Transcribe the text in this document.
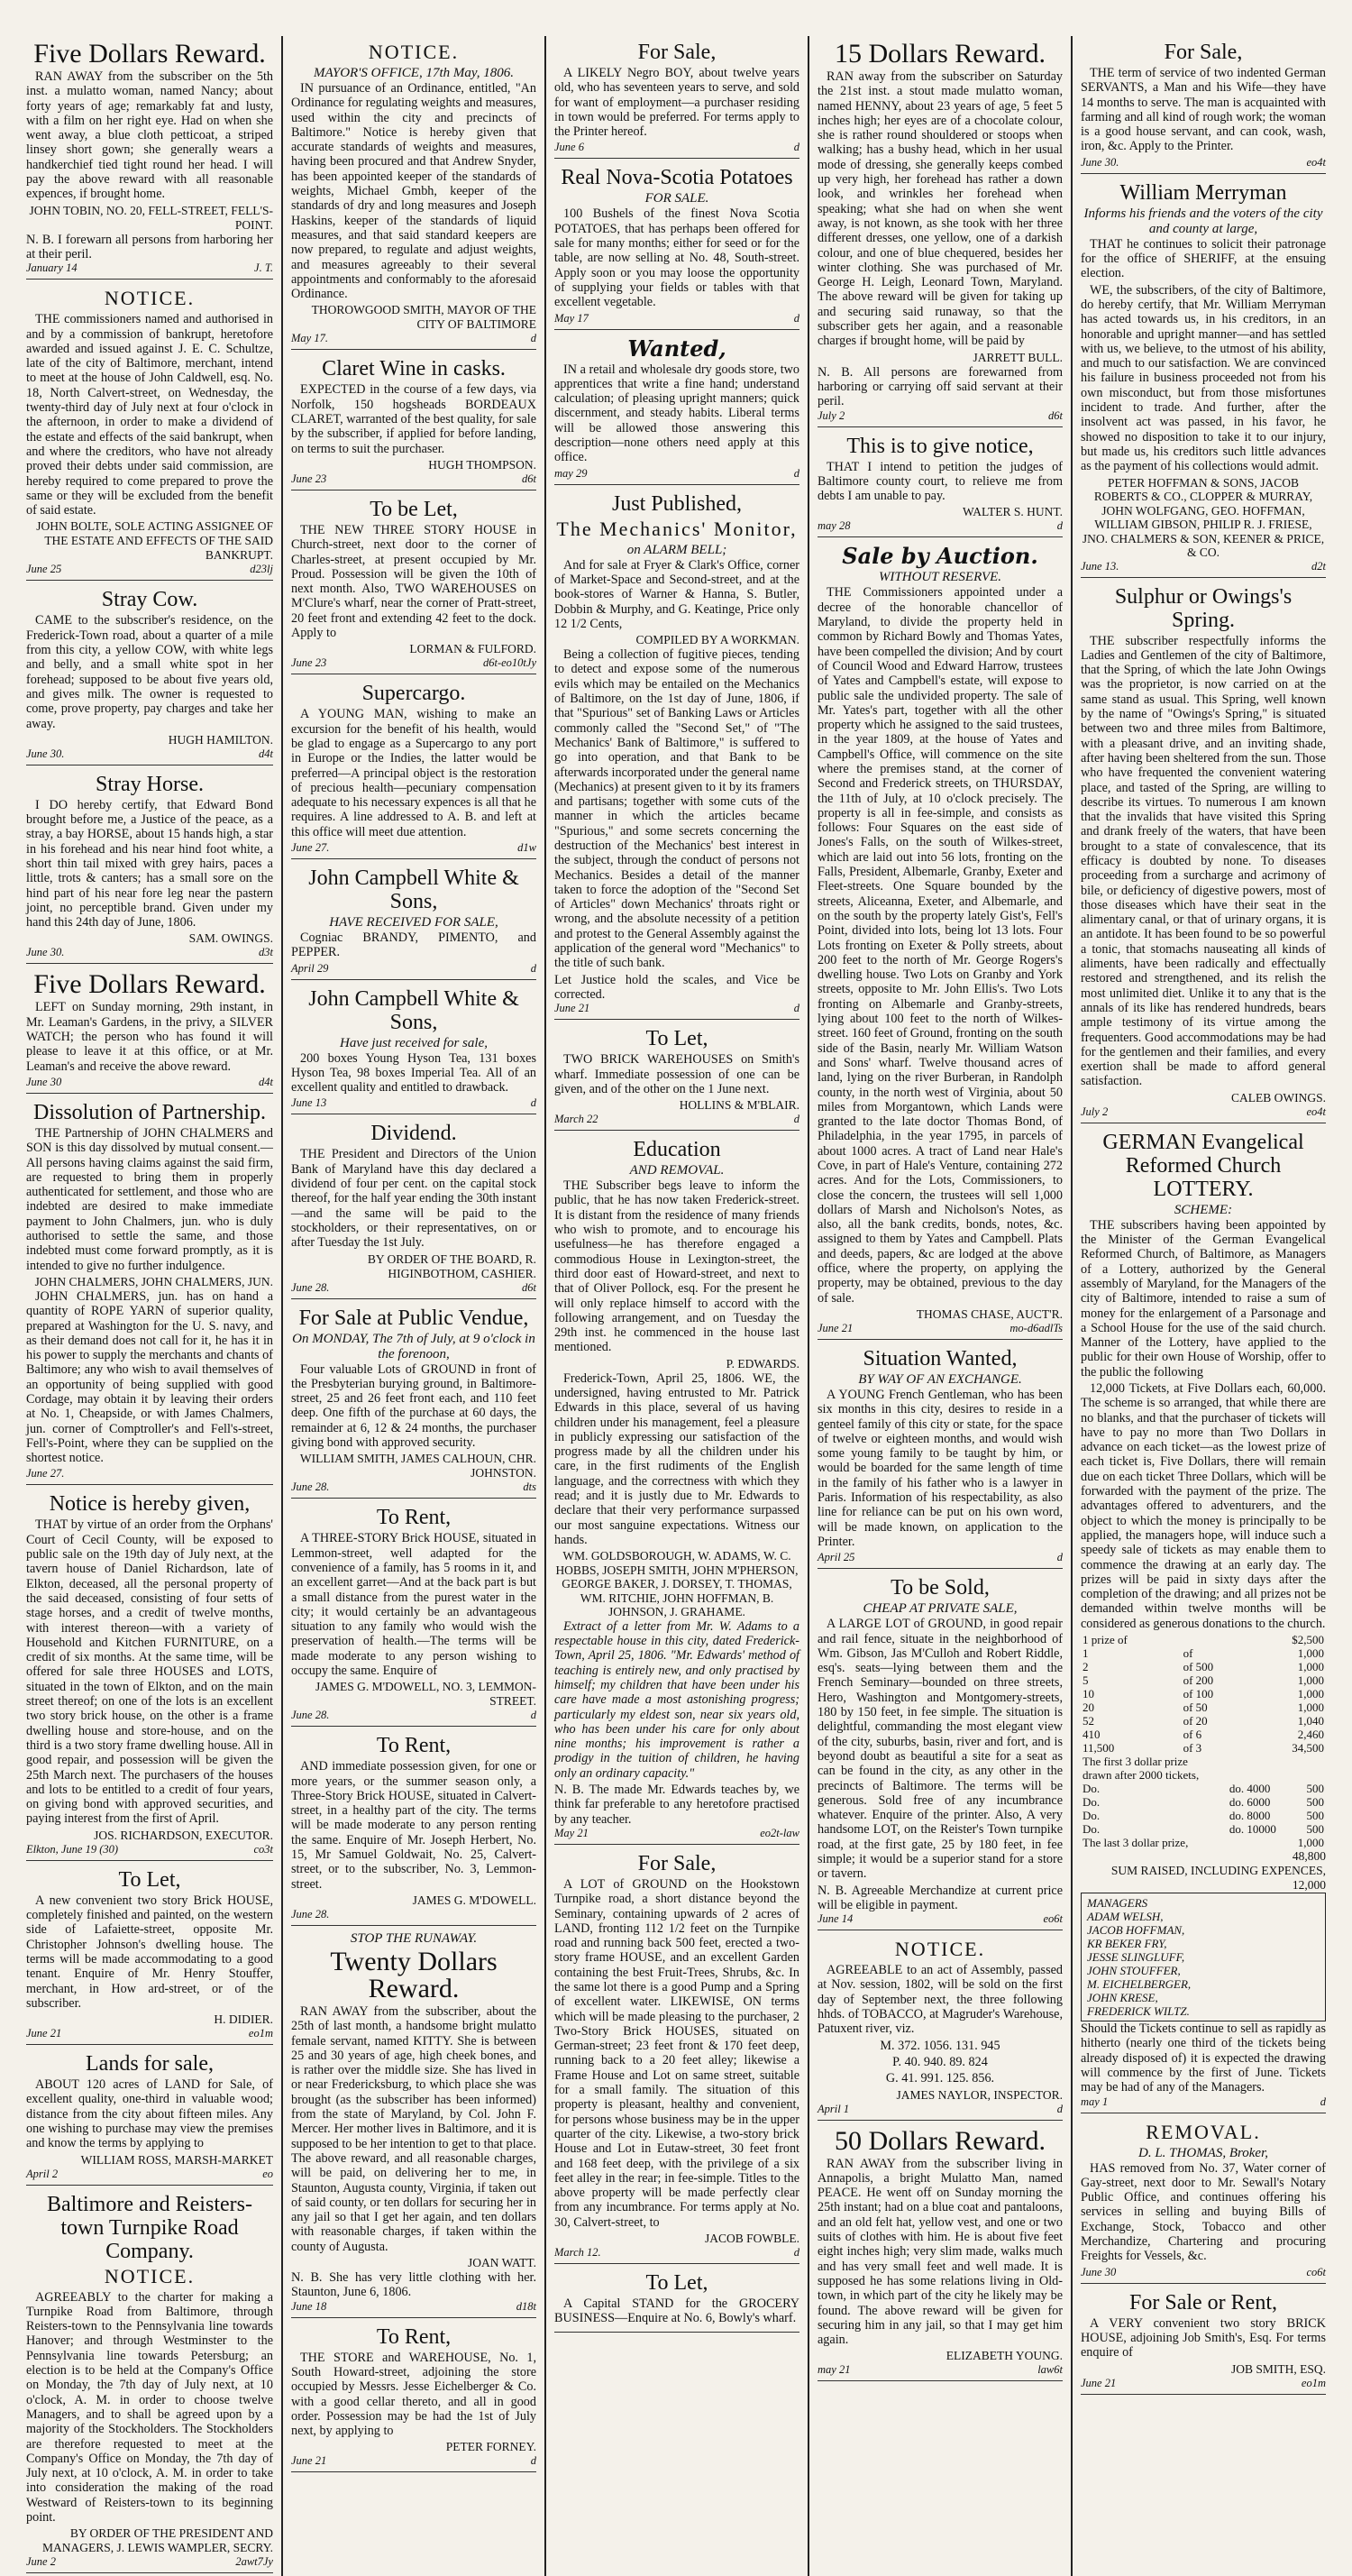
Five Dollars Reward.

RAN AWAY from the subscriber on the 5th inst. a mulatto woman, named Nancy; about forty years of age; remarkably fat and lusty, with a film on her right eye. Had on when she went away, a blue cloth petticoat, a striped linsey short gown; she generally wears a handkerchief tied tight round her head. I will pay the above reward with all reasonable expences, if brought home.

JOHN TOBIN, NO. 20, FELL-STREET, FELL'S-POINT.
N. B. I forewarn all persons from harboring her at their peril.
January 14	J. T.
NOTICE.

THE commissioners named and authorised in and by a commission of bankrupt, heretofore awarded and issued against J. E. C. Schultze, late of the city of Baltimore, merchant, intend to meet at the house of John Caldwell, esq. No. 18, North Calvert-street, on Wednesday, the twenty-third day of July next at four o'clock in the afternoon, in order to make a dividend of the estate and effects of the said bankrupt, when and where the creditors, who have not already proved their debts under said commission, are hereby required to come prepared to prove the same or they will be excluded from the benefit of said estate.

JOHN BOLTE, SOLE ACTING ASSIGNEE OF THE ESTATE AND EFFECTS OF THE SAID BANKRUPT.
June 25	d23lj
Stray Cow.

CAME to the subscriber's residence, on the Frederick-Town road, about a quarter of a mile from this city, a yellow COW, with white legs and belly, and a small white spot in her forehead; supposed to be about five years old, and gives milk. The owner is requested to come, prove property, pay charges and take her away.

HUGH HAMILTON.
June 30.	d4t
Stray Horse.

I DO hereby certify, that Edward Bond brought before me, a Justice of the peace, as a stray, a bay HORSE, about 15 hands high, a star in his forehead and his near hind foot white, a short thin tail mixed with grey hairs, paces a little, trots & canters; has a small sore on the hind part of his near fore leg near the pastern joint, no perceptible brand. Given under my hand this 24th day of June, 1806.

SAM. OWINGS.
June 30.	d3t
Five Dollars Reward.

LEFT on Sunday morning, 29th instant, in Mr. Leaman's Gardens, in the privy, a SILVER WATCH; the person who has found it will please to leave it at this office, or at Mr. Leaman's and receive the above reward.

June 30	d4t
Dissolution of Partnership.

THE Partnership of JOHN CHALMERS and SON is this day dissolved by mutual consent.—All persons having claims against the said firm, are requested to bring them in properly authenticated for settlement, and those who are indebted are desired to make immediate payment to John Chalmers, jun. who is duly authorised to settle the same, and those indebted must come forward promptly, as it is intended to give no further indulgence.

JOHN CHALMERS, JOHN CHALMERS, JUN.

JOHN CHALMERS, jun. has on hand a quantity of ROPE YARN of superior quality, prepared at Washington for the U. S. navy, and as their demand does not call for it, he has it in his power to supply the merchants and chants of Baltimore; any who wish to avail themselves of an opportunity of being supplied with good Cordage, may obtain it by leaving their orders at No. 1, Cheapside, or with James Chalmers, jun. corner of Comptroller's and Fell's-street, Fell's-Point, where they can be supplied on the shortest notice.

June 27.
Notice is hereby given,

THAT by virtue of an order from the Orphans' Court of Cecil County, will be exposed to public sale on the 19th day of July next, at the tavern house of Daniel Richardson, late of Elkton, deceased, all the personal property of the said deceased, consisting of four setts of stage horses, and a credit of twelve months, with interest thereon—with a variety of Household and Kitchen FURNITURE, on a credit of six months. At the same time, will be offered for sale three HOUSES and LOTS, situated in the town of Elkton, and on the main street thereof; on one of the lots is an excellent two story brick house, on the other is a frame dwelling house and store-house, and on the third is a two story frame dwelling house. All in good repair, and possession will be given the 25th March next. The purchasers of the houses and lots to be entitled to a credit of four years, on giving bond with approved securities, and paying interest from the first of April.

JOS. RICHARDSON, EXECUTOR.
Elkton, June 19 (30)	co3t
To Let,

A new convenient two story Brick HOUSE, completely finished and painted, on the western side of Lafaiette-street, opposite Mr. Christopher Johnson's dwelling house. The terms will be made accommodating to a good tenant. Enquire of Mr. Henry Stouffer, merchant, in How ard-street, or of the subscriber.

H. DIDIER.
June 21	eo1m
Lands for sale,

ABOUT 120 acres of LAND for Sale, of excellent quality, one-third in valuable wood; distance from the city about fifteen miles. Any one wishing to purchase may view the premises and know the terms by applying to

WILLIAM ROSS, MARSH-MARKET
April 2	eo
Baltimore and Reisters-town Turnpike Road Company.
NOTICE.

AGREEABLY to the charter for making a Turnpike Road from Baltimore, through Reisters-town to the Pennsylvania line towards Hanover; and through Westminster to the Pennsylvania line towards Petersburg; an election is to be held at the Company's Office on Monday, the 7th day of July next, at 10 o'clock, A. M. in order to choose twelve Managers, and to shall be agreed upon by a majority of the Stockholders. The Stockholders are therefore requested to meet at the Company's Office on Monday, the 7th day of July next, at 10 o'clock, A. M. in order to take into consideration the making of the road Westward of Reisters-town to its beginning point.

BY ORDER OF THE PRESIDENT AND MANAGERS, J. LEWIS WAMPLER, SECRY.
June 2	2awt7Jy
NOTICE.
MAYOR'S OFFICE, 17th May, 1806.

IN pursuance of an Ordinance, entitled, "An Ordinance for regulating weights and measures, used within the city and precincts of Baltimore." Notice is hereby given that accurate standards of weights and measures, having been procured and that Andrew Snyder, has been appointed keeper of the standards of weights, Michael Gmbh, keeper of the standards of dry and long measures and Joseph Haskins, keeper of the standards of liquid measures, and that said standard keepers are now prepared, to regulate and adjust weights, and measures agreeably to their several appointments and conformably to the aforesaid Ordinance.

THOROWGOOD SMITH, MAYOR OF THE CITY OF BALTIMORE
May 17.	d
Claret Wine in casks.

EXPECTED in the course of a few days, via Norfolk, 150 hogsheads BORDEAUX CLARET, warranted of the best quality, for sale by the subscriber, if applied for before landing, on terms to suit the purchaser.

HUGH THOMPSON.
June 23	d6t
To be Let,

THE NEW THREE STORY HOUSE in Church-street, next door to the corner of Charles-street, at present occupied by Mr. Proud. Possession will be given the 10th of next month. Also, TWO WAREHOUSES on M'Clure's wharf, near the corner of Pratt-street, 20 feet front and extending 42 feet to the dock. Apply to

LORMAN & FULFORD.
June 23	d6t-eo10tJy
Supercargo.

A YOUNG MAN, wishing to make an excursion for the benefit of his health, would be glad to engage as a Supercargo to any port in Europe or the Indies, the latter would be preferred—A principal object is the restoration of precious health—pecuniary compensation adequate to his necessary expences is all that he requires. A line addressed to A. B. and left at this office will meet due attention.

June 27.	d1w
John Campbell White & Sons,
HAVE RECEIVED FOR SALE,

Cogniac BRANDY, PIMENTO, and PEPPER.

April 29	d
John Campbell White & Sons,
Have just received for sale,

200 boxes Young Hyson Tea, 131 boxes Hyson Tea, 98 boxes Imperial Tea. All of an excellent quality and entitled to drawback.

June 13	d
Dividend.

THE President and Directors of the Union Bank of Maryland have this day declared a dividend of four per cent. on the capital stock thereof, for the half year ending the 30th instant—and the same will be paid to the stockholders, or their representatives, on or after Tuesday the 1st July.

BY ORDER OF THE BOARD, R. HIGINBOTHOM, CASHIER.
June 28.	d6t
For Sale at Public Vendue,
On MONDAY, The 7th of July, at 9 o'clock in the forenoon,

Four valuable Lots of GROUND in front of the Presbyterian burying ground, in Baltimore-street, 25 and 26 feet front each, and 110 feet deep. One fifth of the purchase at 60 days, the remainder at 6, 12 & 24 months, the purchaser giving bond with approved security.

WILLIAM SMITH, JAMES CALHOUN, CHR. JOHNSTON.
June 28.	dts
To Rent,

A THREE-STORY Brick HOUSE, situated in Lemmon-street, well adapted for the convenience of a family, has 5 rooms in it, and an excellent garret—And at the back part is but a small distance from the purest water in the city; it would certainly be an advantageous situation to any family who would wish the preservation of health.—The terms will be made moderate to any person wishing to occupy the same. Enquire of

JAMES G. M'DOWELL, NO. 3, LEMMON-STREET.
June 28.	d
To Rent,

AND immediate possession given, for one or more years, or the summer season only, a Three-Story Brick HOUSE, situated in Calvert-street, in a healthy part of the city. The terms will be made moderate to any person renting the same. Enquire of Mr. Joseph Herbert, No. 15, Mr Samuel Goldwait, No. 25, Calvert-street, or to the subscriber, No. 3, Lemmon-street.

JAMES G. M'DOWELL.
June 28.
STOP THE RUNAWAY.
Twenty Dollars Reward.

RAN AWAY from the subscriber, about the 25th of last month, a handsome bright mulatto female servant, named KITTY. She is between 25 and 30 years of age, high cheek bones, and is rather over the middle size. She has lived in or near Fredericksburg, to which place she was brought (as the subscriber has been informed) from the state of Maryland, by Col. John F. Mercer. Her mother lives in Baltimore, and it is supposed to be her intention to get to that place. The above reward, and all reasonable charges, will be paid, on delivering her to me, in Staunton, Augusta county, Virginia, if taken out of said county, or ten dollars for securing her in any jail so that I get her again, and ten dollars with reasonable charges, if taken within the county of Augusta.

JOAN WATT.
N. B. She has very little clothing with her. Staunton, June 6, 1806.
June 18	d18t
To Rent,

THE STORE and WAREHOUSE, No. 1, South Howard-street, adjoining the store occupied by Messrs. Jesse Eichelberger & Co. with a good cellar thereto, and all in good order. Possession may be had the 1st of July next, by applying to

PETER FORNEY.
June 21	d
For Sale,

A LIKELY Negro BOY, about twelve years old, who has seventeen years to serve, and sold for want of employment—a purchaser residing in town would be preferred. For terms apply to the Printer hereof.

June 6	d
Real Nova-Scotia Potatoes
FOR SALE.

100 Bushels of the finest Nova Scotia POTATOES, that has perhaps been offered for sale for many months; either for seed or for the table, are now selling at No. 48, South-street. Apply soon or you may loose the opportunity of supplying your fields or tables with that excellent vegetable.

May 17	d
Wanted,

IN a retail and wholesale dry goods store, two apprentices that write a fine hand; understand calculation; of pleasing upright manners; quick discernment, and steady habits. Liberal terms will be allowed those answering this description—none others need apply at this office.

may 29	d
Just Published,
The Mechanics' Monitor,
on ALARM BELL;

And for sale at Fryer & Clark's Office, corner of Market-Space and Second-street, and at the book-stores of Warner & Hanna, S. Butler, Dobbin & Murphy, and G. Keatinge, Price only 12 1/2 Cents,

COMPILED BY A WORKMAN.

Being a collection of fugitive pieces, tending to detect and expose some of the numerous evils which may be entailed on the Mechanics of Baltimore, on the 1st day of June, 1806, if that "Spurious" set of Banking Laws or Articles commonly called the "Second Set," of "The Mechanics' Bank of Baltimore," is suffered to go into operation, and that Bank to be afterwards incorporated under the general name (Mechanics) at present given to it by its framers and partisans; together with some cuts of the manner in which the articles became "Spurious," and some secrets concerning the destruction of the Mechanics' best interest in the subject, through the conduct of persons not Mechanics. Besides a detail of the manner taken to force the adoption of the "Second Set of Articles" down Mechanics' throats right or wrong, and the absolute necessity of a petition and protest to the General Assembly against the application of the general word "Mechanics" to the title of such bank.

Let Justice hold the scales, and Vice be corrected.
June 21	d
To Let,

TWO BRICK WAREHOUSES on Smith's wharf. Immediate possession of one can be given, and of the other on the 1 June next.

HOLLINS & M'BLAIR.
March 22	d
Education
AND REMOVAL.

THE Subscriber begs leave to inform the public, that he has now taken Frederick-street. It is distant from the residence of many friends who wish to promote, and to encourage his usefulness—he has therefore engaged a commodious House in Lexington-street, the third door east of Howard-street, and next to that of Oliver Pollock, esq. For the present he will only replace himself to accord with the following arrangement, and on Tuesday the 29th inst. he commenced in the house last mentioned.

P. EDWARDS.

Frederick-Town, April 25, 1806. WE, the undersigned, having entrusted to Mr. Patrick Edwards in this place, several of us having children under his management, feel a pleasure in publicly expressing our satisfaction of the progress made by all the children under his care, in the first rudiments of the English language, and the correctness with which they read; and it is justly due to Mr. Edwards to declare that their very performance surpassed our most sanguine expectations. Witness our hands.

WM. GOLDSBOROUGH, W. ADAMS, W. C. HOBBS, JOSEPH SMITH, JOHN M'PHERSON, GEORGE BAKER, J. DORSEY, T. THOMAS, WM. RITCHIE, JOHN HOFFMAN, B. JOHNSON, J. GRAHAME.

Extract of a letter from Mr. W. Adams to a respectable house in this city, dated Frederick-Town, April 25, 1806. "Mr. Edwards' method of teaching is entirely new, and only practised by himself; my children that have been under his care have made a most astonishing progress; particularly my eldest son, near six years old, who has been under his care for only about nine months; his improvement is rather a prodigy in the tuition of children, he having only an ordinary capacity."

N. B. The made Mr. Edwards teaches by, we think far preferable to any heretofore practised by any teacher.
May 21	eo2t-law
For Sale,

A LOT of GROUND on the Hookstown Turnpike road, a short distance beyond the Seminary, containing upwards of 2 acres of LAND, fronting 112 1/2 feet on the Turnpike road and running back 500 feet, erected a two-story frame HOUSE, and an excellent Garden containing the best Fruit-Trees, Shrubs, &c. In the same lot there is a good Pump and a Spring of excellent water. LIKEWISE, ON terms which will be made pleasing to the purchaser, 2 Two-Story Brick HOUSES, situated on German-street; 23 feet front & 170 feet deep, running back to a 20 feet alley; likewise a Frame House and Lot on same street, suitable for a small family. The situation of this property is pleasant, healthy and convenient, for persons whose business may be in the upper quarter of the city. Likewise, a two-story brick House and Lot in Eutaw-street, 30 feet front and 168 feet deep, with the privilege of a six feet alley in the rear; in fee-simple. Titles to the above property will be made perfectly clear from any incumbrance. For terms apply at No. 30, Calvert-street, to

JACOB FOWBLE.
March 12.	d
To Let,

A Capital STAND for the GROCERY BUSINESS—Enquire at No. 6, Bowly's wharf.

15 Dollars Reward.

RAN away from the subscriber on Saturday the 21st inst. a stout made mulatto woman, named HENNY, about 23 years of age, 5 feet 5 inches high; her eyes are of a chocolate colour, she is rather round shouldered or stoops when walking; has a bushy head, which in her usual mode of dressing, she generally keeps combed up very high, her forehead has rather a down look, and wrinkles her forehead when speaking; what she had on when she went away, is not known, as she took with her three different dresses, one yellow, one of a darkish colour, and one of blue chequered, besides her winter clothing. She was purchased of Mr. George H. Leigh, Leonard Town, Maryland. The above reward will be given for taking up and securing said runaway, so that the subscriber gets her again, and a reasonable charges if brought home, will be paid by

JARRETT BULL.
N. B. All persons are forewarned from harboring or carrying off said servant at their peril.
July 2	d6t
This is to give notice,

THAT I intend to petition the judges of Baltimore county court, to relieve me from debts I am unable to pay.

WALTER S. HUNT.
may 28	d
Sale by Auction.
WITHOUT RESERVE.

THE Commissioners appointed under a decree of the honorable chancellor of Maryland, to divide the property held in common by Richard Bowly and Thomas Yates, have been compelled the division; And by court of Council Wood and Edward Harrow, trustees of Yates and Campbell's estate, will expose to public sale the undivided property. The sale of Mr. Yates's part, together with all the other property which he assigned to the said trustees, in the year 1809, at the house of Yates and Campbell's Office, will commence on the site where the premises stand, at the corner of Second and Frederick streets, on THURSDAY, the 11th of July, at 10 o'clock precisely. The property is all in fee-simple, and consists as follows: Four Squares on the east side of Jones's Falls, on the south of Wilkes-street, which are laid out into 56 lots, fronting on the Falls, President, Albemarle, Granby, Exeter and Fleet-streets. One Square bounded by the streets, Aliceanna, Exeter, and Albemarle, and on the south by the property lately Gist's, Fell's Point, divided into lots, being lot 13 lots. Four Lots fronting on Exeter & Polly streets, about 200 feet to the north of Mr. George Rogers's dwelling house. Two Lots on Granby and York streets, opposite to Mr. John Ellis's. Two Lots fronting on Albemarle and Granby-streets, lying about 100 feet to the north of Wilkes-street. 160 feet of Ground, fronting on the south side of the Basin, nearly Mr. William Watson and Sons' wharf. Twelve thousand acres of land, lying on the river Burberan, in Randolph county, in the north west of Virginia, about 50 miles from Morgantown, which Lands were granted to the late doctor Thomas Bond, of Philadelphia, in the year 1795, in parcels of about 1000 acres. A tract of Land near Hale's Cove, in part of Hale's Venture, containing 272 acres. And for the Lots, Commissioners, to close the concern, the trustees will sell 1,000 dollars of Marsh and Nicholson's Notes, as also, all the bank credits, bonds, notes, &c. assigned to them by Yates and Campbell. Plats and deeds, papers, &c are lodged at the above office, where the property, on applying the property, may be obtained, previous to the day of sale.

THOMAS CHASE, AUCT'R.
June 21	mo-d6adlTs
Situation Wanted,
BY WAY OF AN EXCHANGE.

A YOUNG French Gentleman, who has been six months in this city, desires to reside in a genteel family of this city or state, for the space of twelve or eighteen months, and would wish some young family to be taught by him, or would be boarded for the same length of time in the family of his father who is a lawyer in Paris. Information of his respectability, as also line for reliance can be put on his own word, will be made known, on application to the Printer.

April 25	d
To be Sold,
CHEAP AT PRIVATE SALE,

A LARGE LOT of GROUND, in good repair and rail fence, situate in the neighborhood of Wm. Gibson, Jas M'Culloh and Robert Riddle, esq's. seats—lying between them and the French Seminary—bounded on three streets, Hero, Washington and Montgomery-streets, 180 by 150 feet, in fee simple. The situation is delightful, commanding the most elegant view of the city, suburbs, basin, river and fort, and is beyond doubt as beautiful a site for a seat as can be found in the city, as any other in the precincts of Baltimore. The terms will be generous. Sold free of any incumbrance whatever. Enquire of the printer. Also, A very handsome LOT, on the Reister's Town turnpike road, at the first gate, 25 by 180 feet, in fee simple; it would be a superior stand for a store or tavern.

N. B. Agreeable Merchandize at current price will be eligible in payment.
June 14	eo6t
NOTICE.

AGREEABLE to an act of Assembly, passed at Nov. session, 1802, will be sold on the first day of September next, the three following hhds. of TOBACCO, at Magruder's Warehouse, Patuxent river, viz.

M. 372. 1056. 131. 945

P. 40. 940. 89. 824

G. 41. 991. 125. 856.

JAMES NAYLOR, INSPECTOR.
April 1	d
50 Dollars Reward.

RAN AWAY from the subscriber living in Annapolis, a bright Mulatto Man, named PEACE. He went off on Sunday morning the 25th instant; had on a blue coat and pantaloons, and an old felt hat, yellow vest, and one or two suits of clothes with him. He is about five feet eight inches high; very slim made, walks much and has very small feet and well made. It is supposed he has some relations living in Old-town, in which part of the city he likely may be found. The above reward will be given for securing him in any jail, so that I may get him again.

ELIZABETH YOUNG.
may 21	law6t
For Sale,

THE term of service of two indented German SERVANTS, a Man and his Wife—they have 14 months to serve. The man is acquainted with farming and all kind of rough work; the woman is a good house servant, and can cook, wash, iron, &c. Apply to the Printer.

June 30.	eo4t
William Merryman
Informs his friends and the voters of the city and county at large,

THAT he continues to solicit their patronage for the office of SHERIFF, at the ensuing election.

WE, the subscribers, of the city of Baltimore, do hereby certify, that Mr. William Merryman has acted towards us, in his creditors, in an honorable and upright manner—and has settled with us, we believe, to the utmost of his ability, and much to our satisfaction. We are convinced his failure in business proceeded not from his own misconduct, but from those misfortunes incident to trade. And further, after the insolvent act was passed, in his favor, he showed no disposition to take it to our injury, but made us, his creditors such little advances as the payment of his collections would admit.

PETER HOFFMAN & SONS, JACOB ROBERTS & CO., CLOPPER & MURRAY, JOHN WOLFGANG, GEO. HOFFMAN, WILLIAM GIBSON, PHILIP R. J. FRIESE, JNO. CHALMERS & SON, KEENER & PRICE, & CO.
June 13.	d2t
Sulphur or Owings's Spring.

THE subscriber respectfully informs the Ladies and Gentlemen of the city of Baltimore, that the Spring, of which the late John Owings was the proprietor, is now carried on at the same stand as usual. This Spring, well known by the name of "Owings's Spring," is situated between two and three miles from Baltimore, with a pleasant drive, and an inviting shade, after having been sheltered from the sun. Those who have frequented the convenient watering place, and tasted of the Spring, are willing to describe its virtues. To numerous I am known that the invalids that have visited this Spring and drank freely of the waters, that have been brought to a state of convalescence, that its efficacy is doubted by none. To diseases proceeding from a surcharge and acrimony of bile, or deficiency of digestive powers, most of those diseases which have their seat in the alimentary canal, or that of urinary organs, it is an antidote. It has been found to be so powerful a tonic, that stomachs nauseating all kinds of aliments, have been radically and effectually restored and strengthened, and its relish the most unlimited diet. Unlike it to any that is the annals of its like has rendered hundreds, bears ample testimony of its virtue among the frequenters. Good accommodations may be had for the gentlemen and their families, and every exertion shall be made to afford general satisfaction.

CALEB OWINGS.
July 2	eo4t
GERMAN Evangelical Reformed Church LOTTERY.
SCHEME:

THE subscribers having been appointed by the Minister of the German Evangelical Reformed Church, of Baltimore, as Managers of a Lottery, authorized by the General assembly of Maryland, for the Managers of the city of Baltimore, intended to raise a sum of money for the enlargement of a Parsonage and a School House for the use of the said church. Manner of the Lottery, have applied to the public for their own House of Worship, offer to the public the following

12,000 Tickets, at Five Dollars each, 60,000. The scheme is so arranged, that while there are no blanks, and that the purchaser of tickets will have to pay no more than Two Dollars in advance on each ticket—as the lowest prize of each ticket is, Five Dollars, there will remain due on each ticket Three Dollars, which will be forwarded with the payment of the prize. The advantages offered to adventurers, and the object to which the money is principally to be applied, the managers hope, will induce such a speedy sale of tickets as may enable them to commence the drawing at an early day. The prizes will be paid in sixty days after the completion of the drawing; and all prizes not be demanded within twelve months will be considered as generous donations to the church.

1 prize of		$2,500
1	of	1,000
2	of 500	1,000
5	of 200	1,000
10	of 100	1,000
20	of 50	1,000
52	of 20	1,040
410	of 6	2,460
11,500	of 3	34,500
The first 3 dollar prize		
drawn after 2000 tickets,		
Do.	do. 4000	500
Do.	do. 6000	500
Do.	do. 8000	500
Do.	do. 10000	500
The last 3 dollar prize,		1,000
48,800
SUM RAISED, INCLUDING EXPENCES, 12,000
MANAGERS
ADAM WELSH,
JACOB HOFFMAN,
KR BEKER FRY,
JESSE SLINGLUFF,
JOHN STOUFFER,
M. EICHELBERGER,
JOHN KRESE,
FREDERICK WILTZ.
Should the Tickets continue to sell as rapidly as hitherto (nearly one third of the tickets being already disposed of) it is expected the drawing will commence by the first of June. Tickets may be had of any of the Managers.
may 1	d
REMOVAL.
D. L. THOMAS, Broker,

HAS removed from No. 37, Water corner of Gay-street, next door to Mr. Sewall's Notary Public Office, and continues offering his services in selling and buying Bills of Exchange, Stock, Tobacco and other Merchandize, Chartering and procuring Freights for Vessels, &c.

June 30	co6t
For Sale or Rent,

A VERY convenient two story BRICK HOUSE, adjoining Job Smith's, Esq. For terms enquire of

JOB SMITH, ESQ.
June 21	eo1m
